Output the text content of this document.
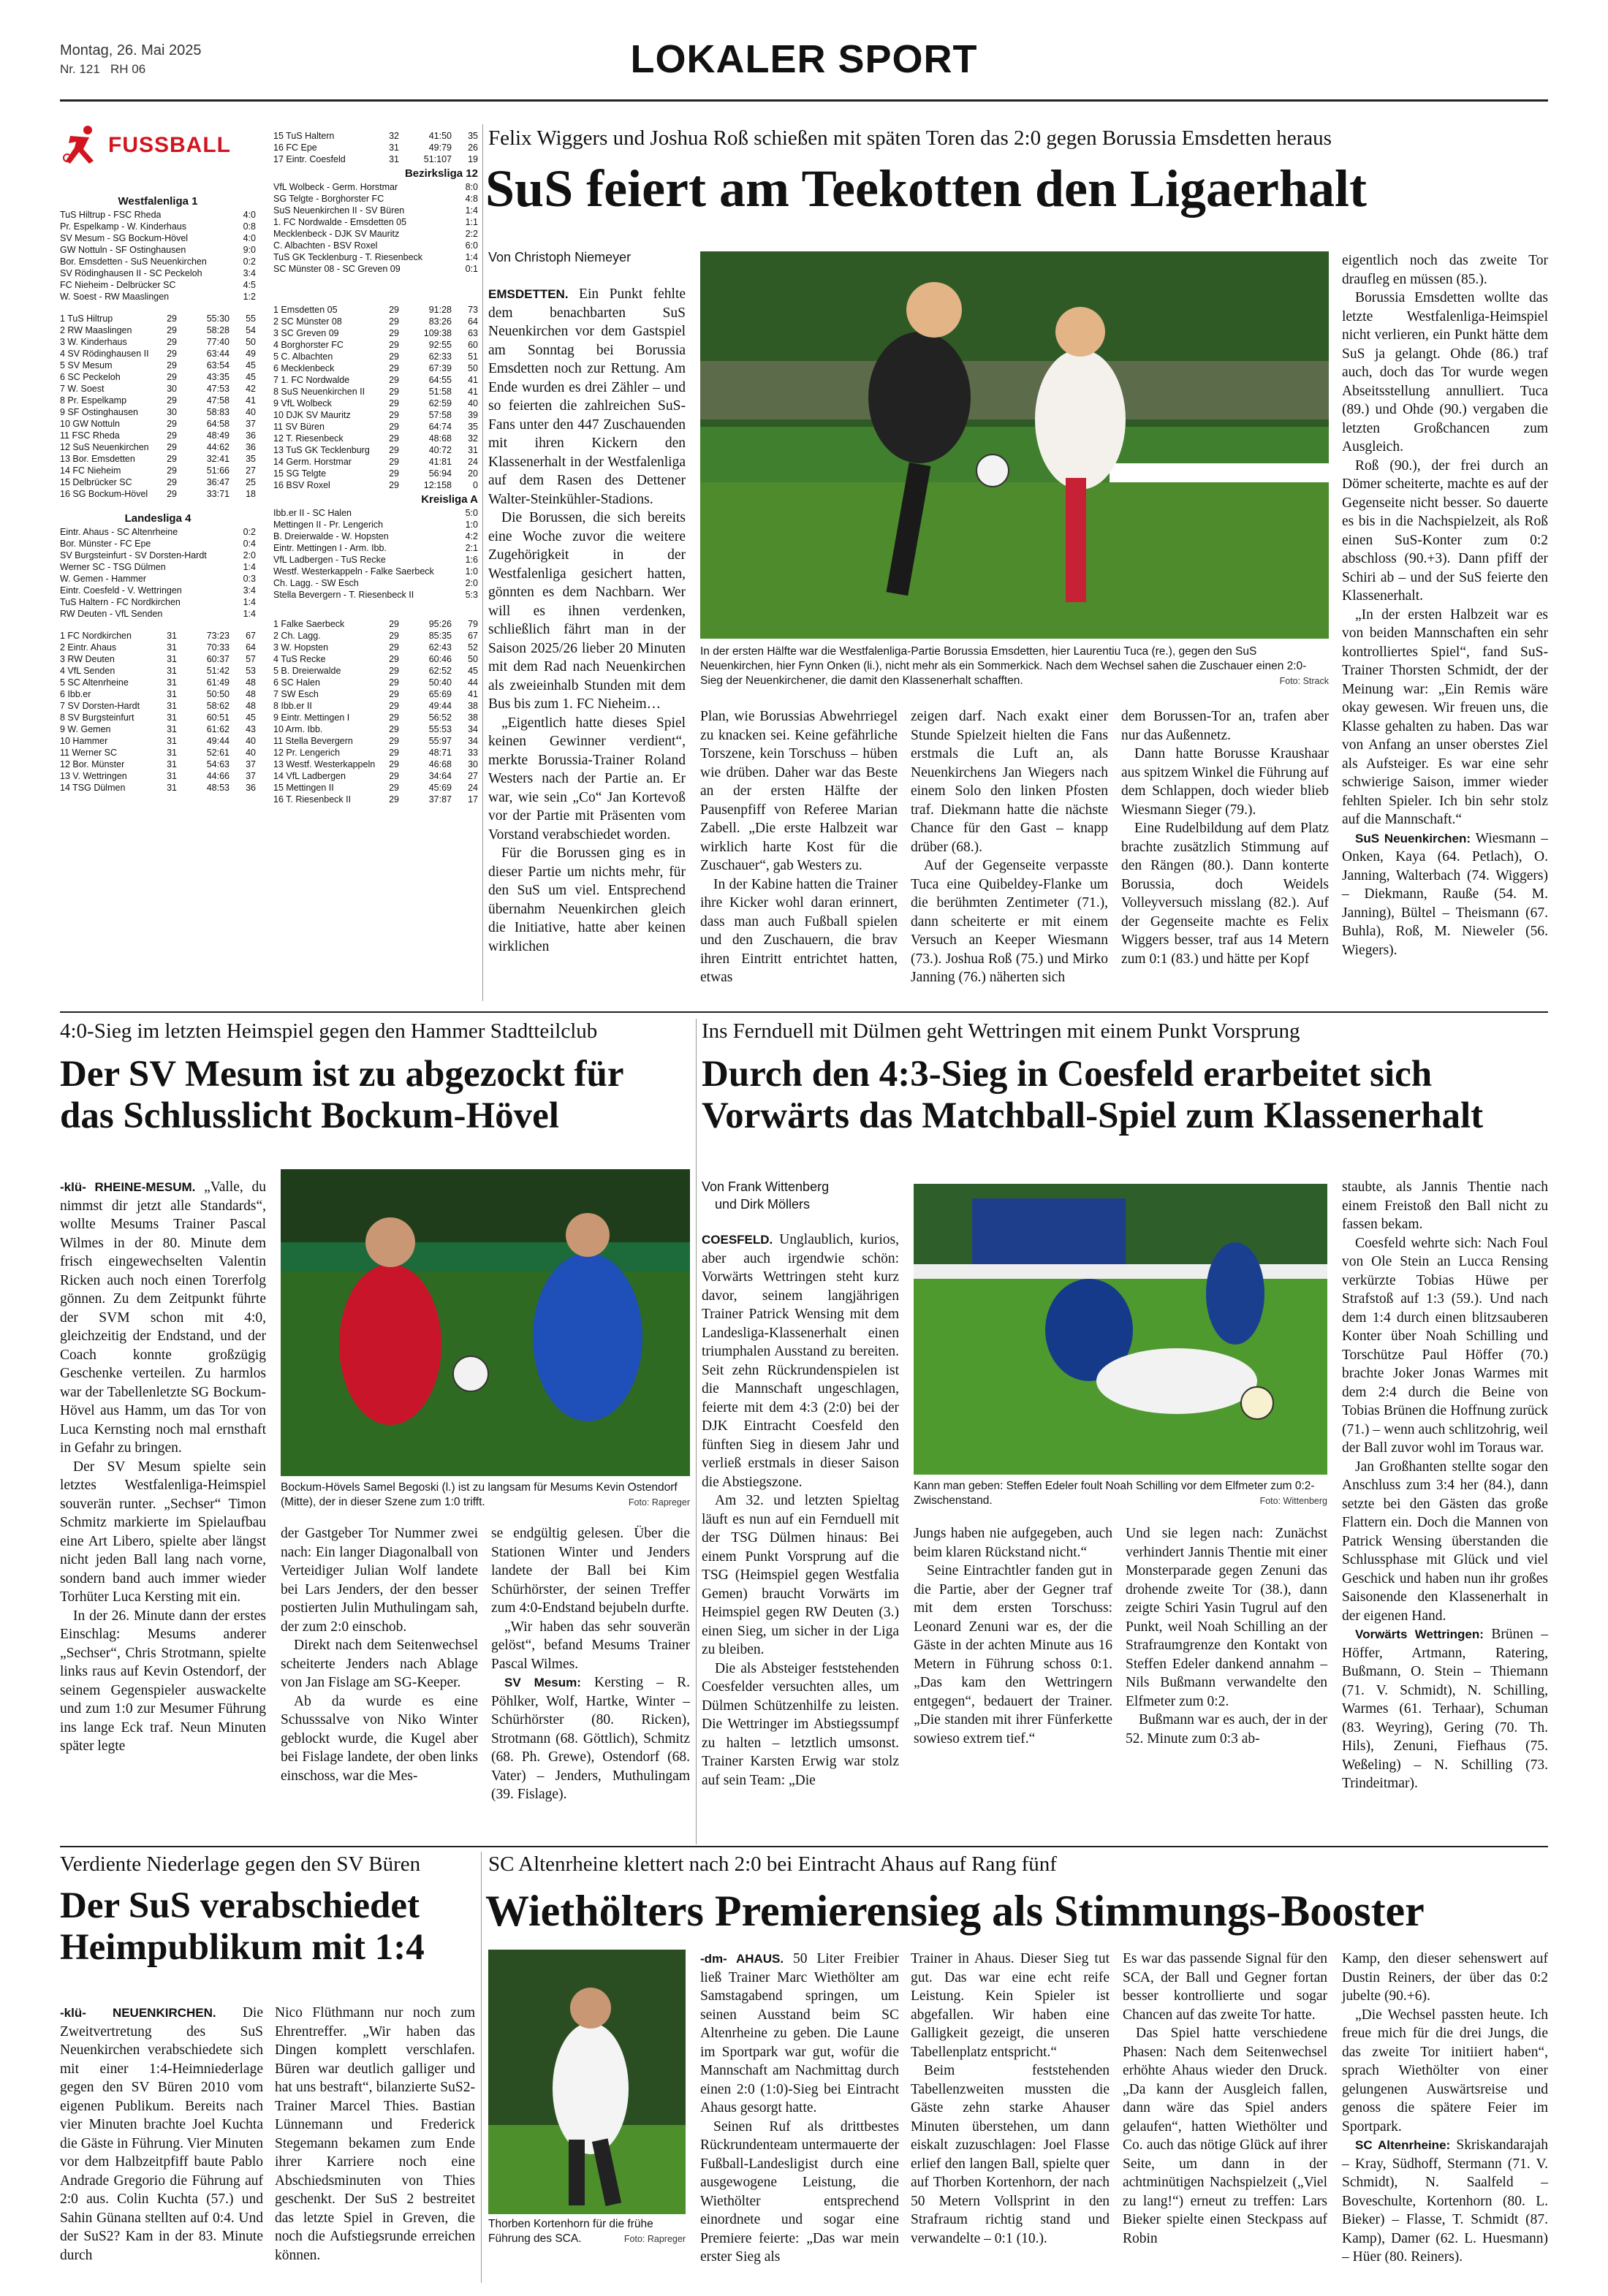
Montag, 26. Mai 2025
Nr. 121 RH 06	LOKALER SPORT
FUSSBALL
Westfalenliga 1
TuS Hiltrup - FSC Rheda	4:0
Pr. Espelkamp - W. Kinderhaus	0:8
SV Mesum - SG Bockum-Hövel	4:0
GW Nottuln - SF Ostinghausen	9:0
Bor. Emsdetten - SuS Neuenkirchen	0:2
SV Rödinghausen II - SC Peckeloh	3:4
FC Nieheim - Delbrücker SC	4:5
W. Soest - RW Maaslingen	1:2
1 TuS Hiltrup	29	55:30	55
2 RW Maaslingen	29	58:28	54
3 W. Kinderhaus	29	77:40	50
4 SV Rödinghausen II	29	63:44	49
5 SV Mesum	29	63:54	45
6 SC Peckeloh	29	43:35	45
7 W. Soest	30	47:53	42
8 Pr. Espelkamp	29	47:58	41
9 SF Ostinghausen	30	58:83	40
10 GW Nottuln	29	64:58	37
11 FSC Rheda	29	48:49	36
12 SuS Neuenkirchen	29	44:62	36
13 Bor. Emsdetten	29	32:41	35
14 FC Nieheim	29	51:66	27
15 Delbrücker SC	29	36:47	25
16 SG Bockum-Hövel	29	33:71	18
Landesliga 4
Eintr. Ahaus - SC Altenrheine	0:2
Bor. Münster - FC Epe	0:4
SV Burgsteinfurt - SV Dorsten-Hardt	2:0
Werner SC - TSG Dülmen	1:4
W. Gemen - Hammer	0:3
Eintr. Coesfeld - V. Wettringen	3:4
TuS Haltern - FC Nordkirchen	1:4
RW Deuten - VfL Senden	1:4
1 FC Nordkirchen	31	73:23	67
2 Eintr. Ahaus	31	70:33	64
3 RW Deuten	31	60:37	57
4 VfL Senden	31	51:42	53
5 SC Altenrheine	31	61:49	48
6 Ibb.er	31	50:50	48
7 SV Dorsten-Hardt	31	58:62	48
8 SV Burgsteinfurt	31	60:51	45
9 W. Gemen	31	61:62	43
10 Hammer	31	49:44	40
11 Werner SC	31	52:61	40
12 Bor. Münster	31	54:63	37
13 V. Wettringen	31	44:66	37
14 TSG Dülmen	31	48:53	36
15 TuS Haltern	32	41:50	35
16 FC Epe	31	49:79	26
17 Eintr. Coesfeld	31	51:107	19
Bezirksliga 12
VfL Wolbeck - Germ. Horstmar	8:0
SG Telgte - Borghorster FC	4:8
SuS Neuenkirchen II - SV Büren	1:4
1. FC Nordwalde - Emsdetten 05	1:1
Mecklenbeck - DJK SV Mauritz	2:2
C. Albachten - BSV Roxel	6:0
TuS GK Tecklenburg - T. Riesenbeck	1:4
SC Münster 08 - SC Greven 09	0:1
1 Emsdetten 05	29	91:28	73
2 SC Münster 08	29	83:26	64
3 SC Greven 09	29	109:38	63
4 Borghorster FC	29	92:55	60
5 C. Albachten	29	62:33	51
6 Mecklenbeck	29	67:39	50
7 1. FC Nordwalde	29	64:55	41
8 SuS Neuenkirchen II	29	51:58	41
9 VfL Wolbeck	29	62:59	40
10 DJK SV Mauritz	29	57:58	39
11 SV Büren	29	64:74	35
12 T. Riesenbeck	29	48:68	32
13 TuS GK Tecklenburg	29	40:72	31
14 Germ. Horstmar	29	41:81	24
15 SG Telgte	29	56:94	20
16 BSV Roxel	29	12:158	0
Kreisliga A
Ibb.er II - SC Halen	5:0
Mettingen II - Pr. Lengerich	1:0
B. Dreierwalde - W. Hopsten	4:2
Eintr. Mettingen I - Arm. Ibb.	2:1
VfL Ladbergen - TuS Recke	1:6
Westf. Westerkappeln - Falke Saerbeck	1:0
Ch. Lagg. - SW Esch	2:0
Stella Bevergern - T. Riesenbeck II	5:3
1 Falke Saerbeck	29	95:26	79
2 Ch. Lagg.	29	85:35	67
3 W. Hopsten	29	62:43	52
4 TuS Recke	29	60:46	50
5 B. Dreierwalde	29	62:52	45
6 SC Halen	29	50:40	44
7 SW Esch	29	65:69	41
8 Ibb.er II	29	49:44	38
9 Eintr. Mettingen I	29	56:52	38
10 Arm. Ibb.	29	55:53	34
11 Stella Bevergern	29	55:97	34
12 Pr. Lengerich	29	48:71	33
13 Westf. Westerkappeln	29	46:68	30
14 VfL Ladbergen	29	34:64	27
15 Mettingen II	29	45:69	24
16 T. Riesenbeck II	29	37:87	17
Felix Wiggers und Joshua Roß schießen mit späten Toren das 2:0 gegen Borussia Emsdetten heraus
SuS feiert am Teekotten den Ligaerhalt
Von Christoph Niemeyer

EMSDETTEN. Ein Punkt fehlte dem benachbarten SuS Neuenkirchen vor dem Gastspiel am Sonntag bei Borussia Emsdetten noch zur Rettung. Am Ende wurden es drei Zähler – und so feierten die zahlreichen SuS-Fans unter den 447 Zuschauenden mit ihren Kickern den Klassenerhalt in der Westfalenliga auf dem Rasen des Dettener Walter-Steinkühler-Stadions.

Die Borussen, die sich bereits eine Woche zuvor die weitere Zugehörigkeit in der Westfalenliga gesichert hatten, gönnten es dem Nachbarn. Wer will es ihnen verdenken, schließlich fährt man in der Saison 2025/26 lieber 20 Minuten mit dem Rad nach Neuenkirchen als zweieinhalb Stunden mit dem Bus bis zum 1. FC Nieheim…

„Eigentlich hatte dieses Spiel keinen Gewinner verdient“, merkte Borussia-Trainer Roland Westers nach der Partie an. Er war, wie sein „Co“ Jan Kortevoß vor der Partie mit Präsenten vom Vorstand verabschiedet worden.

Für die Borussen ging es in dieser Partie um nichts mehr, für den SuS um viel. Entsprechend übernahm Neuenkirchen gleich die Initiative, hatte aber keinen wirklichen

In der ersten Hälfte war die Westfalenliga-Partie Borussia Emsdetten, hier Laurentiu Tuca (re.), gegen den SuS Neuenkirchen, hier Fynn Onken (li.), nicht mehr als ein Sommerkick. Nach dem Wechsel sahen die Zuschauer einen 2:0-Sieg der Neuenkirchener, die damit den Klassenerhalt schafften.	Foto: Strack

Plan, wie Borussias Abwehrriegel zu knacken sei. Keine gefährliche Torszene, kein Torschuss – hüben wie drüben. Daher war das Beste an der ersten Hälfte der Pausenpfiff von Referee Marian Zabell. „Die erste Halbzeit war wirklich harte Kost für die Zuschauer“, gab Westers zu.

In der Kabine hatten die Trainer ihre Kicker wohl daran erinnert, dass man auch Fußball spielen und den Zuschauern, die brav ihren Eintritt entrichtet hatten, etwas

zeigen darf. Nach exakt einer Stunde Spielzeit hielten die Fans erstmals die Luft an, als Neuenkirchens Jan Wiegers nach einem Solo den linken Pfosten traf. Diekmann hatte die nächste Chance für den Gast – knapp drüber (68.).

Auf der Gegenseite verpasste Tuca eine Quibeldey-Flanke um die berühmten Zentimeter (71.), dann scheiterte er mit einem Versuch an Keeper Wiesmann (73.). Joshua Roß (75.) und Mirko Janning (76.) näherten sich

dem Borussen-Tor an, trafen aber nur das Außennetz.

Dann hatte Borusse Kraushaar aus spitzem Winkel die Führung auf dem Schlappen, doch wieder blieb Wiesmann Sieger (79.).

Eine Rudelbildung auf dem Platz brachte zusätzlich Stimmung auf den Rängen (80.). Dann konterte Borussia, doch Weidels Volleyversuch misslang (82.). Auf der Gegenseite machte es Felix Wiggers besser, traf aus 14 Metern zum 0:1 (83.) und hätte per Kopf

eigentlich noch das zweite Tor draufleg en müssen (85.).

Borussia Emsdetten wollte das letzte Westfalenliga-Heimspiel nicht verlieren, ein Punkt hätte dem SuS ja gelangt. Ohde (86.) traf auch, doch das Tor wurde wegen Abseitsstellung annulliert. Tuca (89.) und Ohde (90.) vergaben die letzten Großchancen zum Ausgleich.

Roß (90.), der frei durch an Dömer scheiterte, machte es auf der Gegenseite nicht besser. So dauerte es bis in die Nachspielzeit, als Roß einen SuS-Konter zum 0:2 abschloss (90.+3). Dann pfiff der Schiri ab – und der SuS feierte den Klassenerhalt.

„In der ersten Halbzeit war es von beiden Mannschaften ein sehr kontrolliertes Spiel“, fand SuS-Trainer Thorsten Schmidt, der der Meinung war: „Ein Remis wäre okay gewesen. Wir freuen uns, die Klasse gehalten zu haben. Das war von Anfang an unser oberstes Ziel als Aufsteiger. Es war eine sehr schwierige Saison, immer wieder fehlten Spieler. Ich bin sehr stolz auf die Mannschaft.“

SuS Neuenkirchen: Wiesmann – Onken, Kaya (64. Petlach), O. Janning, Walterbach (74. Wiggers) – Diekmann, Rauße (54. M. Janning), Bültel – Theismann (67. Buhla), Roß, M. Nieweler (56. Wiegers).

4:0-Sieg im letzten Heimspiel gegen den Hammer Stadtteilclub
Der SV Mesum ist zu abgezockt für
das Schlusslicht Bockum-Hövel

-klü- RHEINE-MESUM. „Valle, du nimmst dir jetzt alle Standards“, wollte Mesums Trainer Pascal Wilmes in der 80. Minute dem frisch eingewechselten Valentin Ricken auch noch einen Torerfolg gönnen. Zu dem Zeitpunkt führte der SVM schon mit 4:0, gleichzeitig der Endstand, und der Coach konnte großzügig Geschenke verteilen. Zu harmlos war der Tabellenletzte SG Bockum-Hövel aus Hamm, um das Tor von Luca Kernsting noch mal ernsthaft in Gefahr zu bringen.

Der SV Mesum spielte sein letztes Westfalenliga-Heimspiel souverän runter. „Sechser“ Timon Schmitz markierte im Spielaufbau eine Art Libero, spielte aber längst nicht jeden Ball lang nach vorne, sondern band auch immer wieder Torhüter Luca Kersting mit ein.

In der 26. Minute dann der erstes Einschlag: Mesums anderer „Sechser“, Chris Strotmann, spielte links raus auf Kevin Ostendorf, der seinem Gegenspieler auswackelte und zum 1:0 zur Mesumer Führung ins lange Eck traf. Neun Minuten später legte

Bockum-Hövels Samel Begoski (l.) ist zu langsam für Mesums Kevin Ostendorf (Mitte), der in dieser Szene zum 1:0 trifft.	Foto: Rapreger

der Gastgeber Tor Nummer zwei nach: Ein langer Diagonalball von Verteidiger Julian Wolf landete bei Lars Jenders, der den besser postierten Julin Muthulingam sah, der zum 2:0 einschob.

Direkt nach dem Seitenwechsel scheiterte Jenders nach Ablage von Jan Fislage am SG-Keeper.

Ab da wurde es eine Schusssalve von Niko Winter geblockt wurde, die Kugel aber bei Fislage landete, der oben links einschoss, war die Mes-

se endgültig gelesen. Über die Stationen Winter und Jenders landete der Ball bei Kim Schürhörster, der seinen Treffer zum 4:0-Endstand bejubeln durfte.

„Wir haben das sehr souverän gelöst“, befand Mesums Trainer Pascal Wilmes.

SV Mesum: Kersting – R. Pöhlker, Wolf, Hartke, Winter – Schürhörster (80. Ricken), Strotmann (68. Göttlich), Schmitz (68. Ph. Grewe), Ostendorf (68. Vater) – Jenders, Muthulingam (39. Fislage).

Ins Fernduell mit Dülmen geht Wettringen mit einem Punkt Vorsprung
Durch den 4:3-Sieg in Coesfeld erarbeitet sich
Vorwärts das Matchball-Spiel zum Klassenerhalt
Von Frank Wittenberg
und Dirk Möllers

COESFELD. Unglaublich, kurios, aber auch irgendwie schön: Vorwärts Wettringen steht kurz davor, seinem langjährigen Trainer Patrick Wensing mit dem Landesliga-Klassenerhalt einen triumphalen Ausstand zu bereiten. Seit zehn Rückrundenspielen ist die Mannschaft ungeschlagen, feierte mit dem 4:3 (2:0) bei der DJK Eintracht Coesfeld den fünften Sieg in diesem Jahr und verließ erstmals in dieser Saison die Abstiegszone.

Am 32. und letzten Spieltag läuft es nun auf ein Fernduell mit der TSG Dülmen hinaus: Bei einem Punkt Vorsprung auf die TSG (Heimspiel gegen Westfalia Gemen) braucht Vorwärts im Heimspiel gegen RW Deuten (3.) einen Sieg, um sicher in der Liga zu bleiben.

Die als Absteiger feststehenden Coesfelder versuchten alles, um Dülmen Schützenhilfe zu leisten. Die Wettringer im Abstiegssumpf zu halten – letztlich umsonst. Trainer Karsten Erwig war stolz auf sein Team: „Die

Kann man geben: Steffen Edeler foult Noah Schilling vor dem Elfmeter zum 0:2-Zwischenstand.	Foto: Wittenberg

Jungs haben nie aufgegeben, auch beim klaren Rückstand nicht.“

Seine Eintrachtler fanden gut in die Partie, aber der Gegner traf mit dem ersten Torschuss: Leonard Zenuni war es, der die Gäste in der achten Minute aus 16 Metern in Führung schoss 0:1. „Das kam den Wettringern entgegen“, bedauert der Trainer. „Die standen mit ihrer Fünferkette sowieso extrem tief.“

Und sie legen nach: Zunächst verhindert Jannis Thentie mit einer Monsterparade gegen Zenuni das drohende zweite Tor (38.), dann zeigte Schiri Yasin Tugrul auf den Punkt, weil Noah Schilling an der Strafraumgrenze den Kontakt von Steffen Edeler dankend annahm – Nils Bußmann verwandelte den Elfmeter zum 0:2.

Bußmann war es auch, der in der 52. Minute zum 0:3 ab-

staubte, als Jannis Thentie nach einem Freistoß den Ball nicht zu fassen bekam.

Coesfeld wehrte sich: Nach Foul von Ole Stein an Lucca Rensing verkürzte Tobias Hüwe per Strafstoß auf 1:3 (59.). Und nach dem 1:4 durch einen blitzsauberen Konter über Noah Schilling und Torschütze Paul Höffer (70.) brachte Joker Jonas Warmes mit dem 2:4 durch die Beine von Tobias Brünen die Hoffnung zurück (71.) – wenn auch schlitzohrig, weil der Ball zuvor wohl im Toraus war.

Jan Großhanten stellte sogar den Anschluss zum 3:4 her (84.), dann setzte bei den Gästen das große Flattern ein. Doch die Mannen von Patrick Wensing überstanden die Schlussphase mit Glück und viel Geschick und haben nun ihr großes Saisonende den Klassenerhalt in der eigenen Hand.

Vorwärts Wettringen: Brünen – Höffer, Artmann, Ratering, Bußmann, O. Stein – Thiemann (71. V. Schmidt), N. Schilling, Warmes (61. Terhaar), Schuman (83. Weyring), Gering (70. Th. Hils), Zenuni, Fiefhaus (75. Weßeling) – N. Schilling (73. Trindeitmar).

Verdiente Niederlage gegen den SV Büren
Der SuS verabschiedet
Heimpublikum mit 1:4

-klü- NEUENKIRCHEN. Die Zweitvertretung des SuS Neuenkirchen verabschiedete sich mit einer 1:4-Heimniederlage gegen den SV Büren 2010 vom eigenen Publikum. Bereits nach vier Minuten brachte Joel Kuchta die Gäste in Führung. Vier Minuten vor dem Halbzeitpfiff baute Pablo Andrade Gregorio die Führung auf 2:0 aus. Colin Kuchta (57.) und Sahin Günana stellten auf 0:4. Und der SuS2? Kam in der 83. Minute durch

Nico Flüthmann nur noch zum Ehrentreffer. „Wir haben das Dingen komplett verschlafen. Büren war deutlich galliger und hat uns bestraft“, bilanzierte SuS2-Trainer Marcel Thies. Bastian Lünnemann und Frederick Stegemann bekamen zum Ende ihrer Karriere noch eine Abschiedsminuten von Thies geschenkt. Der SuS 2 bestreitet das letzte Spiel in Greven, die noch die Aufstiegsrunde erreichen können.

SC Altenrheine klettert nach 2:0 bei Eintracht Ahaus auf Rang fünf
Wiethölters Premierensieg als Stimmungs-Booster
Thorben Kortenhorn für die frühe Führung des SCA.	Foto: Rapreger

-dm- AHAUS. 50 Liter Freibier ließ Trainer Marc Wiethölter am Samstagabend springen, um seinen Ausstand beim SC Altenrheine zu geben. Die Laune im Sportpark war gut, wofür die Mannschaft am Nachmittag durch einen 2:0 (1:0)-Sieg bei Eintracht Ahaus gesorgt hatte.

Seinen Ruf als drittbestes Rückrundenteam untermauerte der Fußball-Landesligist durch eine ausgewogene Leistung, die Wiethölter entsprechend einordnete und sogar eine Premiere feierte: „Das war mein erster Sieg als

Trainer in Ahaus. Dieser Sieg tut gut. Das war eine echt reife Leistung. Kein Spieler ist abgefallen. Wir haben eine Galligkeit gezeigt, die unseren Tabellenplatz entspricht.“

Beim feststehenden Tabellenzweiten mussten die Gäste zehn starke Ahauser Minuten überstehen, um dann eiskalt zuzuschlagen: Joel Flasse erlief den langen Ball, spielte quer auf Thorben Kortenhorn, der nach 50 Metern Vollsprint in den Strafraum richtig stand und verwandelte – 0:1 (10.).

Es war das passende Signal für den SCA, der Ball und Gegner fortan besser kontrollierte und sogar Chancen auf das zweite Tor hatte.

Das Spiel hatte verschiedene Phasen: Nach dem Seitenwechsel erhöhte Ahaus wieder den Druck. „Da kann der Ausgleich fallen, dann wäre das Spiel anders gelaufen“, hatten Wiethölter und Co. auch das nötige Glück auf ihrer Seite, um dann in der achtminütigen Nachspielzeit („Viel zu lang!“) erneut zu treffen: Lars Bieker spielte einen Steckpass auf Robin

Kamp, den dieser sehenswert auf Dustin Reiners, der über das 0:2 jubelte (90.+6).

„Die Wechsel passten heute. Ich freue mich für die drei Jungs, die das zweite Tor initiiert haben“, sprach Wiethölter von einer gelungenen Auswärtsreise und genoss die spätere Feier im Sportpark.

SC Altenrheine: Skriskandarajah – Kray, Südhoff, Stermann (71. V. Schmidt), N. Saalfeld – Boveschulte, Kortenhorn (80. L. Bieker) – Flasse, T. Schmidt (87. Kamp), Damer (62. L. Huesmann) – Hüer (80. Reiners).
